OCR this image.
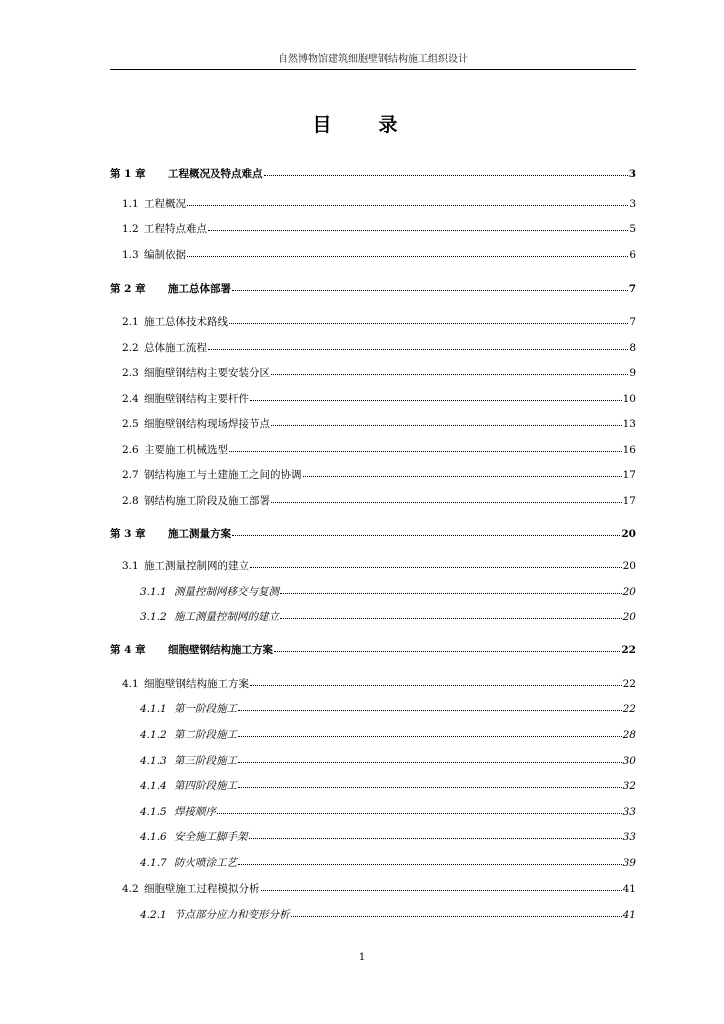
自然博物馆建筑细胞壁钢结构施工组织设计
目　录
第 1 章	工程概况及特点难点	3
1.1 工程概况	3
1.2 工程特点难点	5
1.3 编制依据	6
第 2 章	施工总体部署	7
2.1 施工总体技术路线	7
2.2 总体施工流程	8
2.3 细胞壁钢结构主要安装分区	9
2.4 细胞壁钢结构主要杆件	10
2.5 细胞壁钢结构现场焊接节点	13
2.6 主要施工机械选型	16
2.7 钢结构施工与土建施工之间的协调	17
2.8 钢结构施工阶段及施工部署	17
第 3 章	施工测量方案	20
3.1 施工测量控制网的建立	20
3.1.1 测量控制网移交与复测	20
3.1.2 施工测量控制网的建立	20
第 4 章	细胞壁钢结构施工方案	22
4.1 细胞壁钢结构施工方案	22
4.1.1 第一阶段施工	22
4.1.2 第二阶段施工	28
4.1.3 第三阶段施工	30
4.1.4 第四阶段施工	32
4.1.5 焊接顺序	33
4.1.6 安全施工脚手架	33
4.1.7 防火喷涂工艺	39
4.2 细胞壁施工过程模拟分析	41
4.2.1 节点部分应力和变形分析	41
1
